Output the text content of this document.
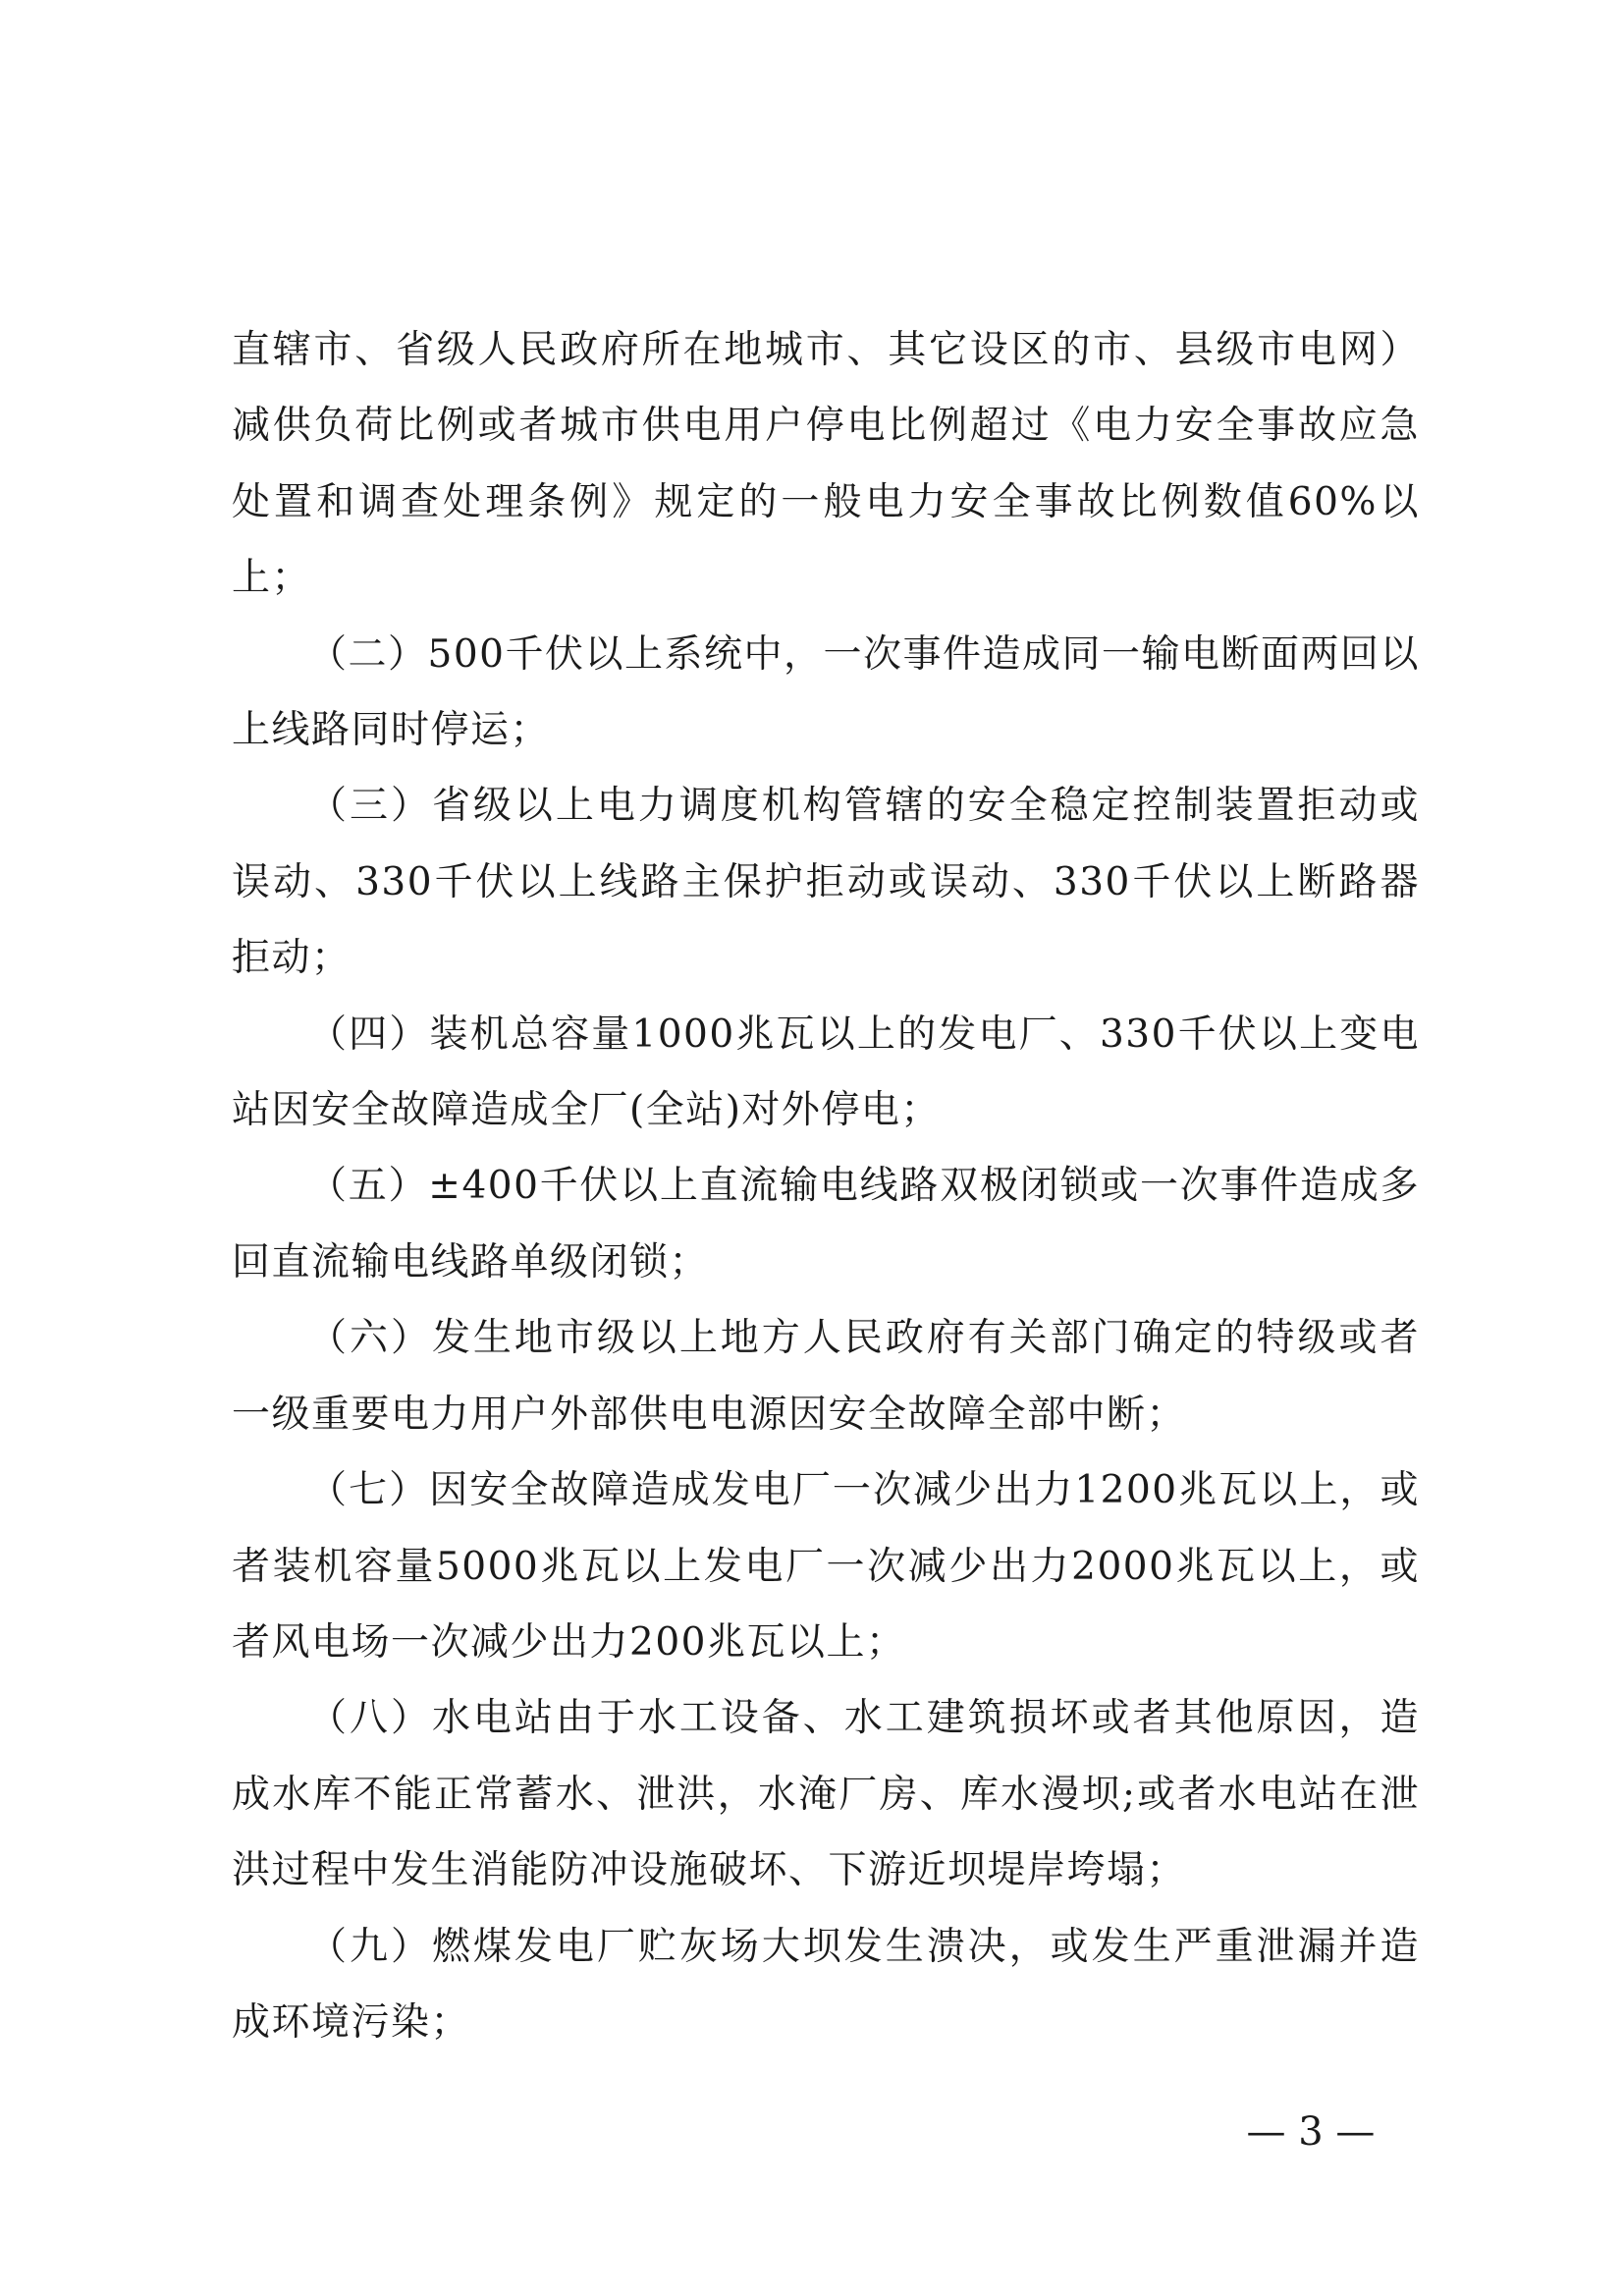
直辖市、省级人民政府所在地城市、其它设区的市、县级市电网）减供负荷比例或者城市供电用户停电比例超过《电力安全事故应急处置和调查处理条例》规定的一般电力安全事故比例数值60%以上；

（二）500千伏以上系统中，一次事件造成同一输电断面两回以上线路同时停运；

（三）省级以上电力调度机构管辖的安全稳定控制装置拒动或误动、330千伏以上线路主保护拒动或误动、330千伏以上断路器拒动；

（四）装机总容量1000兆瓦以上的发电厂、330千伏以上变电站因安全故障造成全厂(全站)对外停电；

（五）±400千伏以上直流输电线路双极闭锁或一次事件造成多回直流输电线路单级闭锁；

（六）发生地市级以上地方人民政府有关部门确定的特级或者一级重要电力用户外部供电电源因安全故障全部中断；

（七）因安全故障造成发电厂一次减少出力1200兆瓦以上，或者装机容量5000兆瓦以上发电厂一次减少出力2000兆瓦以上，或者风电场一次减少出力200兆瓦以上；

（八）水电站由于水工设备、水工建筑损坏或者其他原因，造成水库不能正常蓄水、泄洪，水淹厂房、库水漫坝;或者水电站在泄洪过程中发生消能防冲设施破坏、下游近坝堤岸垮塌；

（九）燃煤发电厂贮灰场大坝发生溃决，或发生严重泄漏并造成环境污染；

— 3 —
